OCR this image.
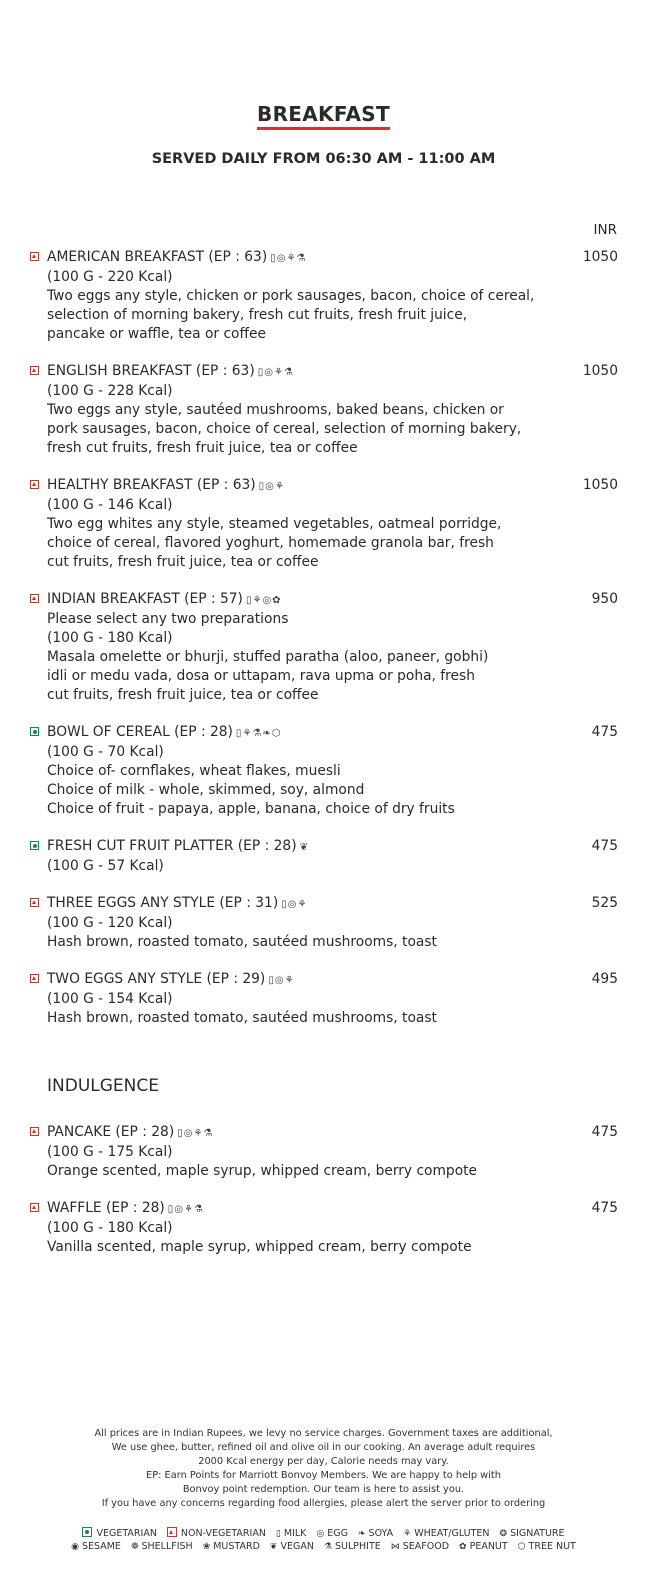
BREAKFAST
SERVED DAILY FROM 06:30 AM - 11:00 AM
INR
AMERICAN BREAKFAST (EP : 63) ▯◎⚘⚗
(100 G - 220 Kcal)
Two eggs any style, chicken or pork sausages, bacon, choice of cereal,
selection of morning bakery, fresh cut fruits, fresh fruit juice,
pancake or waffle, tea or coffee
1050
ENGLISH BREAKFAST (EP : 63) ▯◎⚘⚗
(100 G - 228 Kcal)
Two eggs any style, sautéed mushrooms, baked beans, chicken or
pork sausages, bacon, choice of cereal, selection of morning bakery,
fresh cut fruits, fresh fruit juice, tea or coffee
1050
HEALTHY BREAKFAST (EP : 63) ▯◎⚘
(100 G - 146 Kcal)
Two egg whites any style, steamed vegetables, oatmeal porridge,
choice of cereal, flavored yoghurt, homemade granola bar, fresh
cut fruits, fresh fruit juice, tea or coffee
1050
INDIAN BREAKFAST (EP : 57) ▯⚘◎✿
Please select any two preparations
(100 G - 180 Kcal)
Masala omelette or bhurji, stuffed paratha (aloo, paneer, gobhi)
idli or medu vada, dosa or uttapam, rava upma or poha, fresh
cut fruits, fresh fruit juice, tea or coffee
950
BOWL OF CEREAL (EP : 28) ▯⚘⚗❧⬡
(100 G - 70 Kcal)
Choice of- cornflakes, wheat flakes, muesli
Choice of milk - whole, skimmed, soy, almond
Choice of fruit - papaya, apple, banana, choice of dry fruits
475
FRESH CUT FRUIT PLATTER (EP : 28) ❦
(100 G - 57 Kcal)
475
THREE EGGS ANY STYLE (EP : 31) ▯◎⚘
(100 G - 120 Kcal)
Hash brown, roasted tomato, sautéed mushrooms, toast
525
TWO EGGS ANY STYLE (EP : 29) ▯◎⚘
(100 G - 154 Kcal)
Hash brown, roasted tomato, sautéed mushrooms, toast
495
PANCAKE (EP : 28) ▯◎⚘⚗
(100 G - 175 Kcal)
Orange scented, maple syrup, whipped cream, berry compote
475
WAFFLE (EP : 28) ▯◎⚘⚗
(100 G - 180 Kcal)
Vanilla scented, maple syrup, whipped cream, berry compote
475
INDULGENCE
All prices are in Indian Rupees, we levy no service charges. Government taxes are additional,
We use ghee, butter, refined oil and olive oil in our cooking. An average adult requires
2000 Kcal energy per day, Calorie needs may vary.
EP: Earn Points for Marriott Bonvoy Members. We are happy to help with
Bonvoy point redemption. Our team is here to assist you.
If you have any concerns regarding food allergies, please alert the server prior to ordering
VEGETARIAN	NON-VEGETARIAN ▯ MILK ◎ EGG ❧ SOYA ⚘ WHEAT/GLUTEN ❂ SIGNATURE
◉ SESAME ❁ SHELLFISH ❀ MUSTARD ❦ VEGAN ⚗ SULPHITE ⋈ SEAFOOD ✿ PEANUT ⬡ TREE NUT
